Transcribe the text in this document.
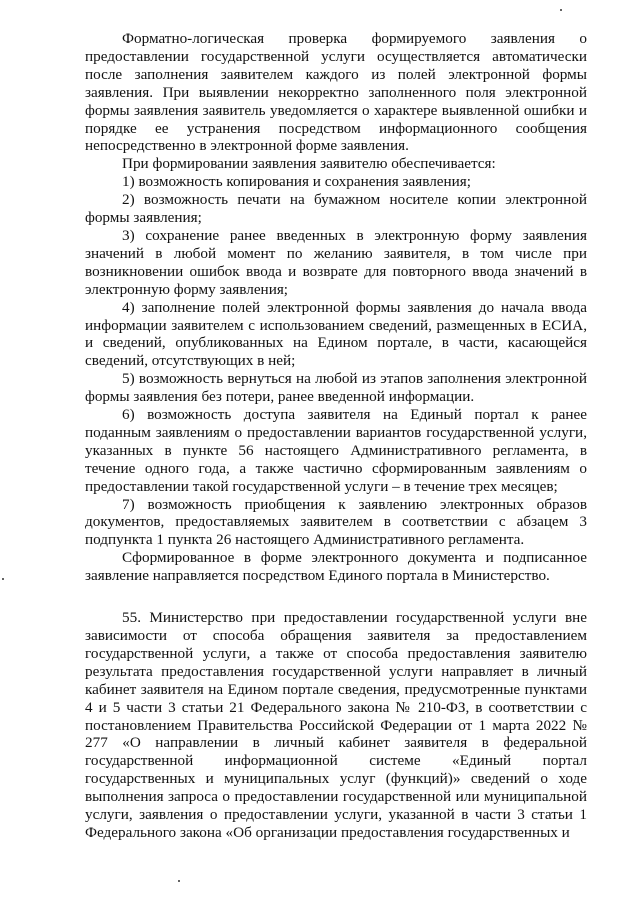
Форматно-логическая проверка формируемого заявления о предоставлении государственной услуги осуществляется автоматически после заполнения заявителем каждого из полей электронной формы заявления. При выявлении некорректно заполненного поля электронной формы заявления заявитель уведомляется о характере выявленной ошибки и порядке ее устранения посредством информационного сообщения непосредственно в электронной форме заявления.

При формировании заявления заявителю обеспечивается:

1) возможность копирования и сохранения заявления;

2) возможность печати на бумажном носителе копии электронной формы заявления;

3) сохранение ранее введенных в электронную форму заявления значений в любой момент по желанию заявителя, в том числе при возникновении ошибок ввода и возврате для повторного ввода значений в электронную форму заявления;

4) заполнение полей электронной формы заявления до начала ввода информации заявителем с использованием сведений, размещенных в ЕСИА, и сведений, опубликованных на Едином портале, в части, касающейся сведений, отсутствующих в ней;

5) возможность вернуться на любой из этапов заполнения электронной формы заявления без потери, ранее введенной информации.

6) возможность доступа заявителя на Единый портал к ранее поданным заявлениям о предоставлении вариантов государственной услуги, указанных в пункте 56 настоящего Административного регламента, в течение одного года, а также частично сформированным заявлениям о предоставлении такой государственной услуги – в течение трех месяцев;

7) возможность приобщения к заявлению электронных образов документов, предоставляемых заявителем в соответствии с абзацем 3 подпункта 1 пункта 26 настоящего Административного регламента.

Сформированное в форме электронного документа и подписанное заявление направляется посредством Единого портала в Министерство.

55. Министерство при предоставлении государственной услуги вне зависимости от способа обращения заявителя за предоставлением государственной услуги, а также от способа предоставления заявителю результата предоставления государственной услуги направляет в личный кабинет заявителя на Едином портале сведения, предусмотренные пунктами 4 и 5 части 3 статьи 21 Федерального закона № 210-ФЗ, в соответствии с постановлением Правительства Российской Федерации от 1 марта 2022 № 277 «О направлении в личный кабинет заявителя в федеральной государственной информационной системе «Единый портал государственных и муниципальных услуг (функций)» сведений о ходе выполнения запроса о предоставлении государственной или муниципальной услуги, заявления о предоставлении услуги, указанной в части 3 статьи 1 Федерального закона «Об организации предоставления государственных и
